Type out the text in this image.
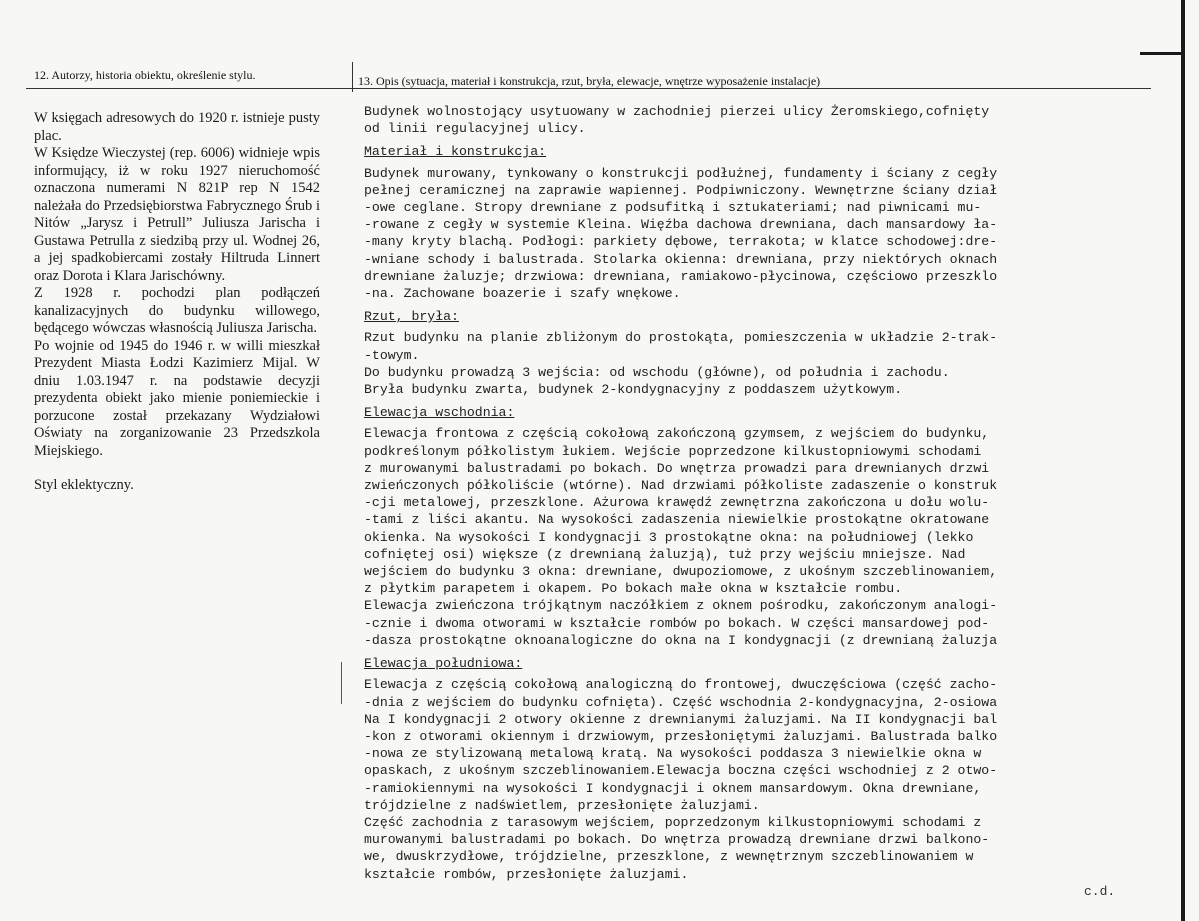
12. Autorzy, historia obiektu, określenie stylu.	13. Opis (sytuacja, materiał i konstrukcja, rzut, bryła, elewacje, wnętrze wyposażenie instalacje)

W księgach adresowych do 1920 r. istnieje pusty plac.

W Księdze Wieczystej (rep. 6006) widnieje wpis informujący, iż w roku 1927 nieruchomość oznaczona numerami N 821P rep N 1542 należała do Przedsiębiorstwa Fabrycznego Śrub i Nitów „Jarysz i Petrull” Juliusza Jarischa i Gustawa Petrulla z siedzibą przy ul. Wodnej 26, a jej spadkobiercami zostały Hiltruda Linnert oraz Dorota i Klara Jarischówny.

Z 1928 r. pochodzi plan podłączeń kanalizacyjnych do budynku willowego, będącego wówczas własnością Juliusza Jarischa.

Po wojnie od 1945 do 1946 r. w willi mieszkał Prezydent Miasta Łodzi Kazimierz Mijal. W dniu 1.03.1947 r. na podstawie decyzji prezydenta obiekt jako mienie poniemieckie i porzucone został przekazany Wydziałowi Oświaty na zorganizowanie 23 Przedszkola Miejskiego.

Styl eklektyczny.

Budynek wolnostojący usytuowany w zachodniej pierzei ulicy Żeromskiego,cofnięty
od linii regulacyjnej ulicy.
Materiał i konstrukcja:
Budynek murowany, tynkowany o konstrukcji podłużnej, fundamenty i ściany z cegły
pełnej ceramicznej na zaprawie wapiennej. Podpiwniczony. Wewnętrzne ściany dział
-owe ceglane. Stropy drewniane z podsufitką i sztukateriami; nad piwnicami mu-
-rowane z cegły w systemie Kleina. Więźba dachowa drewniana, dach mansardowy ła-
-many kryty blachą. Podłogi: parkiety dębowe, terrakota; w klatce schodowej:dre-
-wniane schody i balustrada. Stolarka okienna: drewniana, przy niektórych oknach
drewniane żaluzje; drzwiowa: drewniana, ramiakowo-płycinowa, częściowo przeszklo
-na. Zachowane boazerie i szafy wnękowe.
Rzut, bryła:
Rzut budynku na planie zbliżonym do prostokąta, pomieszczenia w układzie 2-trak-
-towym.
Do budynku prowadzą 3 wejścia: od wschodu (główne), od południa i zachodu.
Bryła budynku zwarta, budynek 2-kondygnacyjny z poddaszem użytkowym.
Elewacja wschodnia:
Elewacja frontowa z częścią cokołową zakończoną gzymsem, z wejściem do budynku,
podkreślonym półkolistym łukiem. Wejście poprzedzone kilkustopniowymi schodami
z murowanymi balustradami po bokach. Do wnętrza prowadzi para drewnianych drzwi
zwieńczonych półkoliście (wtórne). Nad drzwiami półkoliste zadaszenie o konstruk
-cji metalowej, przeszklone. Ażurowa krawędź zewnętrzna zakończona u dołu wolu-
-tami z liści akantu. Na wysokości zadaszenia niewielkie prostokątne okratowane
okienka. Na wysokości I kondygnacji 3 prostokątne okna: na południowej (lekko
cofniętej osi) większe (z drewnianą żaluzją), tuż przy wejściu mniejsze. Nad
wejściem do budynku 3 okna: drewniane, dwupoziomowe, z ukośnym szczeblinowaniem,
z płytkim parapetem i okapem. Po bokach małe okna w kształcie rombu.
Elewacja zwieńczona trójkątnym naczółkiem z oknem pośrodku, zakończonym analogi-
-cznie i dwoma otworami w kształcie rombów po bokach. W części mansardowej pod-
-dasza prostokątne oknoanalogiczne do okna na I kondygnacji (z drewnianą żaluzja
Elewacja południowa:
Elewacja z częścią cokołową analogiczną do frontowej, dwuczęściowa (część zacho-
-dnia z wejściem do budynku cofnięta). Część wschodnia 2-kondygnacyjna, 2-osiowa
Na I kondygnacji 2 otwory okienne z drewnianymi żaluzjami. Na II kondygnacji bal
-kon z otworami okiennym i drzwiowym, przesłoniętymi żaluzjami. Balustrada balko
-nowa ze stylizowaną metalową kratą. Na wysokości poddasza 3 niewielkie okna w
opaskach, z ukośnym szczeblinowaniem.Elewacja boczna części wschodniej z 2 otwo-
-ramiokiennymi na wysokości I kondygnacji i oknem mansardowym. Okna drewniane,
trójdzielne z nadświetlem, przesłonięte żaluzjami.
Część zachodnia z tarasowym wejściem, poprzedzonym kilkustopniowymi schodami z
murowanymi balustradami po bokach. Do wnętrza prowadzą drewniane drzwi balkono-
we, dwuskrzydłowe, trójdzielne, przeszklone, z wewnętrznym szczeblinowaniem w
kształcie rombów, przesłonięte żaluzjami.
c.d.
